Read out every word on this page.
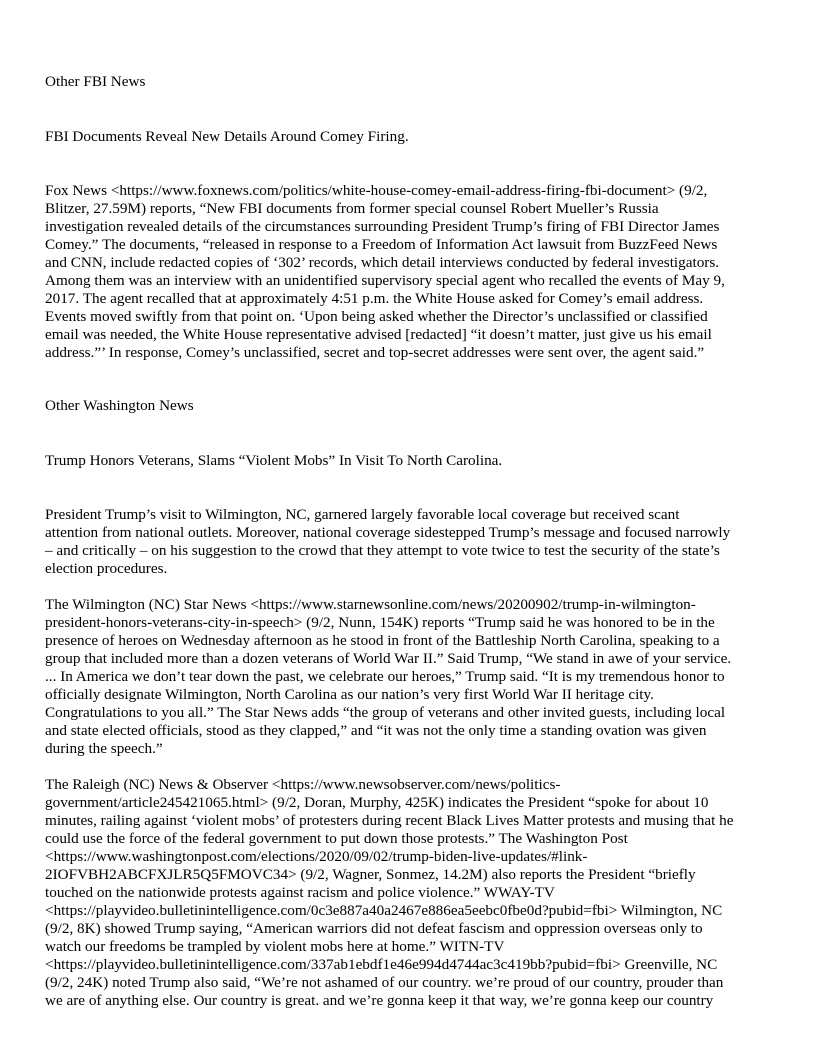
Other FBI News

FBI Documents Reveal New Details Around Comey Firing.

Fox News <https://www.foxnews.com/politics/white-house-comey-email-address-firing-fbi-document> (9/2,

Blitzer, 27.59M) reports, “New FBI documents from former special counsel Robert Mueller’s Russia

investigation revealed details of the circumstances surrounding President Trump’s firing of FBI Director James

Comey.” The documents, “released in response to a Freedom of Information Act lawsuit from BuzzFeed News

and CNN, include redacted copies of ‘302’ records, which detail interviews conducted by federal investigators.

Among them was an interview with an unidentified supervisory special agent who recalled the events of May 9,

2017. The agent recalled that at approximately 4:51 p.m. the White House asked for Comey’s email address.

Events moved swiftly from that point on. ‘Upon being asked whether the Director’s unclassified or classified

email was needed, the White House representative advised [redacted] “it doesn’t matter, just give us his email

address.”’ In response, Comey’s unclassified, secret and top-secret addresses were sent over, the agent said.”

Other Washington News

Trump Honors Veterans, Slams “Violent Mobs” In Visit To North Carolina.

President Trump’s visit to Wilmington, NC, garnered largely favorable local coverage but received scant

attention from national outlets. Moreover, national coverage sidestepped Trump’s message and focused narrowly

– and critically – on his suggestion to the crowd that they attempt to vote twice to test the security of the state’s

election procedures.

The Wilmington (NC) Star News <https://www.starnewsonline.com/news/20200902/trump-in-wilmington-

president-honors-veterans-city-in-speech> (9/2, Nunn, 154K) reports “Trump said he was honored to be in the

presence of heroes on Wednesday afternoon as he stood in front of the Battleship North Carolina, speaking to a

group that included more than a dozen veterans of World War II.” Said Trump, “We stand in awe of your service.

... In America we don’t tear down the past, we celebrate our heroes,” Trump said. “It is my tremendous honor to

officially designate Wilmington, North Carolina as our nation’s very first World War II heritage city.

Congratulations to you all.” The Star News adds “the group of veterans and other invited guests, including local

and state elected officials, stood as they clapped,” and “it was not the only time a standing ovation was given

during the speech.”

The Raleigh (NC) News & Observer <https://www.newsobserver.com/news/politics-

government/article245421065.html> (9/2, Doran, Murphy, 425K) indicates the President “spoke for about 10

minutes, railing against ‘violent mobs’ of protesters during recent Black Lives Matter protests and musing that he

could use the force of the federal government to put down those protests.” The Washington Post

<https://www.washingtonpost.com/elections/2020/09/02/trump-biden-live-updates/#link-

2IOFVBH2ABCFXJLR5Q5FMOVC34> (9/2, Wagner, Sonmez, 14.2M) also reports the President “briefly

touched on the nationwide protests against racism and police violence.” WWAY-TV

<https://playvideo.bulletinintelligence.com/0c3e887a40a2467e886ea5eebc0fbe0d?pubid=fbi> Wilmington, NC

(9/2, 8K) showed Trump saying, “American warriors did not defeat fascism and oppression overseas only to

watch our freedoms be trampled by violent mobs here at home.” WITN-TV

<https://playvideo.bulletinintelligence.com/337ab1ebdf1e46e994d4744ac3c419bb?pubid=fbi> Greenville, NC

(9/2, 24K) noted Trump also said, “We’re not ashamed of our country. we’re proud of our country, prouder than

we are of anything else. Our country is great. and we’re gonna keep it that way, we’re gonna keep our country
